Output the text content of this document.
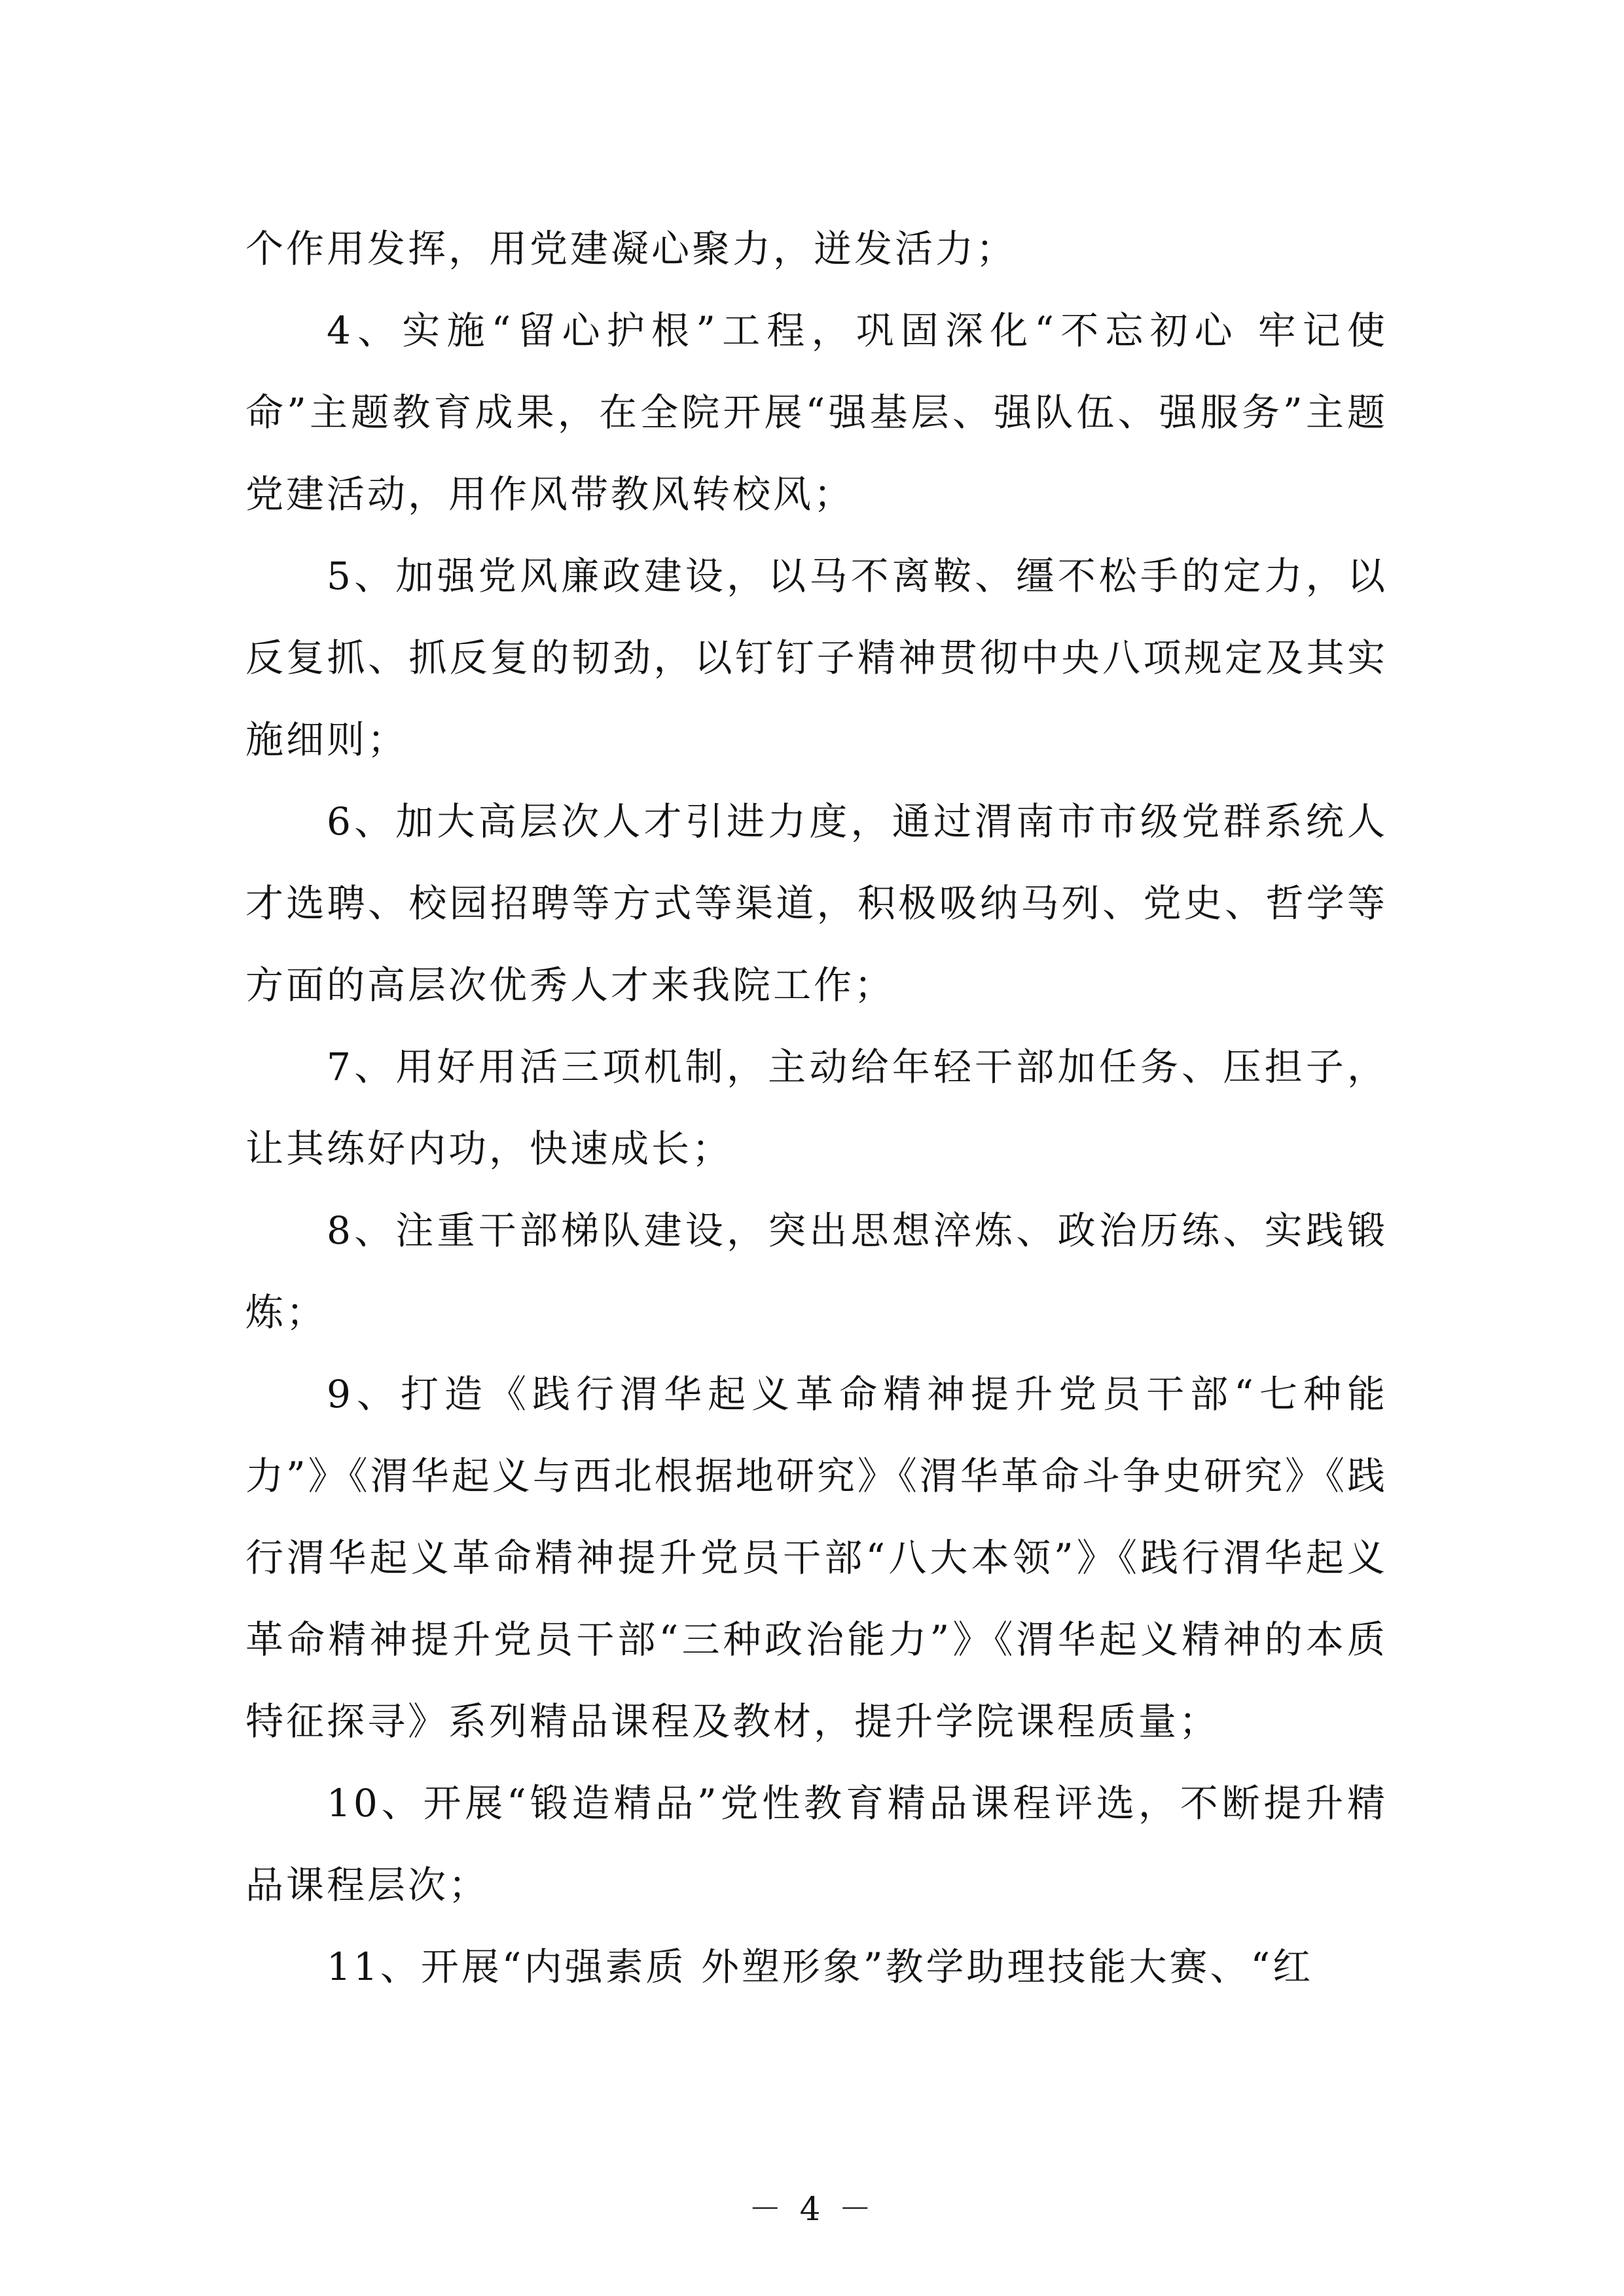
个作用发挥，用党建凝心聚力，迸发活力；

4、实施“留心护根”工程，巩固深化“不忘初心 牢记使命”主题教育成果，在全院开展“强基层、强队伍、强服务”主题党建活动，用作风带教风转校风；

5、加强党风廉政建设，以马不离鞍、缰不松手的定力，以反复抓、抓反复的韧劲，以钉钉子精神贯彻中央八项规定及其实施细则；

6、加大高层次人才引进力度，通过渭南市市级党群系统人才选聘、校园招聘等方式等渠道，积极吸纳马列、党史、哲学等方面的高层次优秀人才来我院工作；

7、用好用活三项机制，主动给年轻干部加任务、压担子，让其练好内功，快速成长；

8、注重干部梯队建设，突出思想淬炼、政治历练、实践锻炼；

9、打造《践行渭华起义革命精神提升党员干部“七种能力”》《渭华起义与西北根据地研究》《渭华革命斗争史研究》《践行渭华起义革命精神提升党员干部“八大本领”》《践行渭华起义革命精神提升党员干部“三种政治能力”》《渭华起义精神的本质特征探寻》系列精品课程及教材，提升学院课程质量；

10、开展“锻造精品”党性教育精品课程评选，不断提升精品课程层次；

11、开展“内强素质 外塑形象”教学助理技能大赛、“红

－ 4 －
